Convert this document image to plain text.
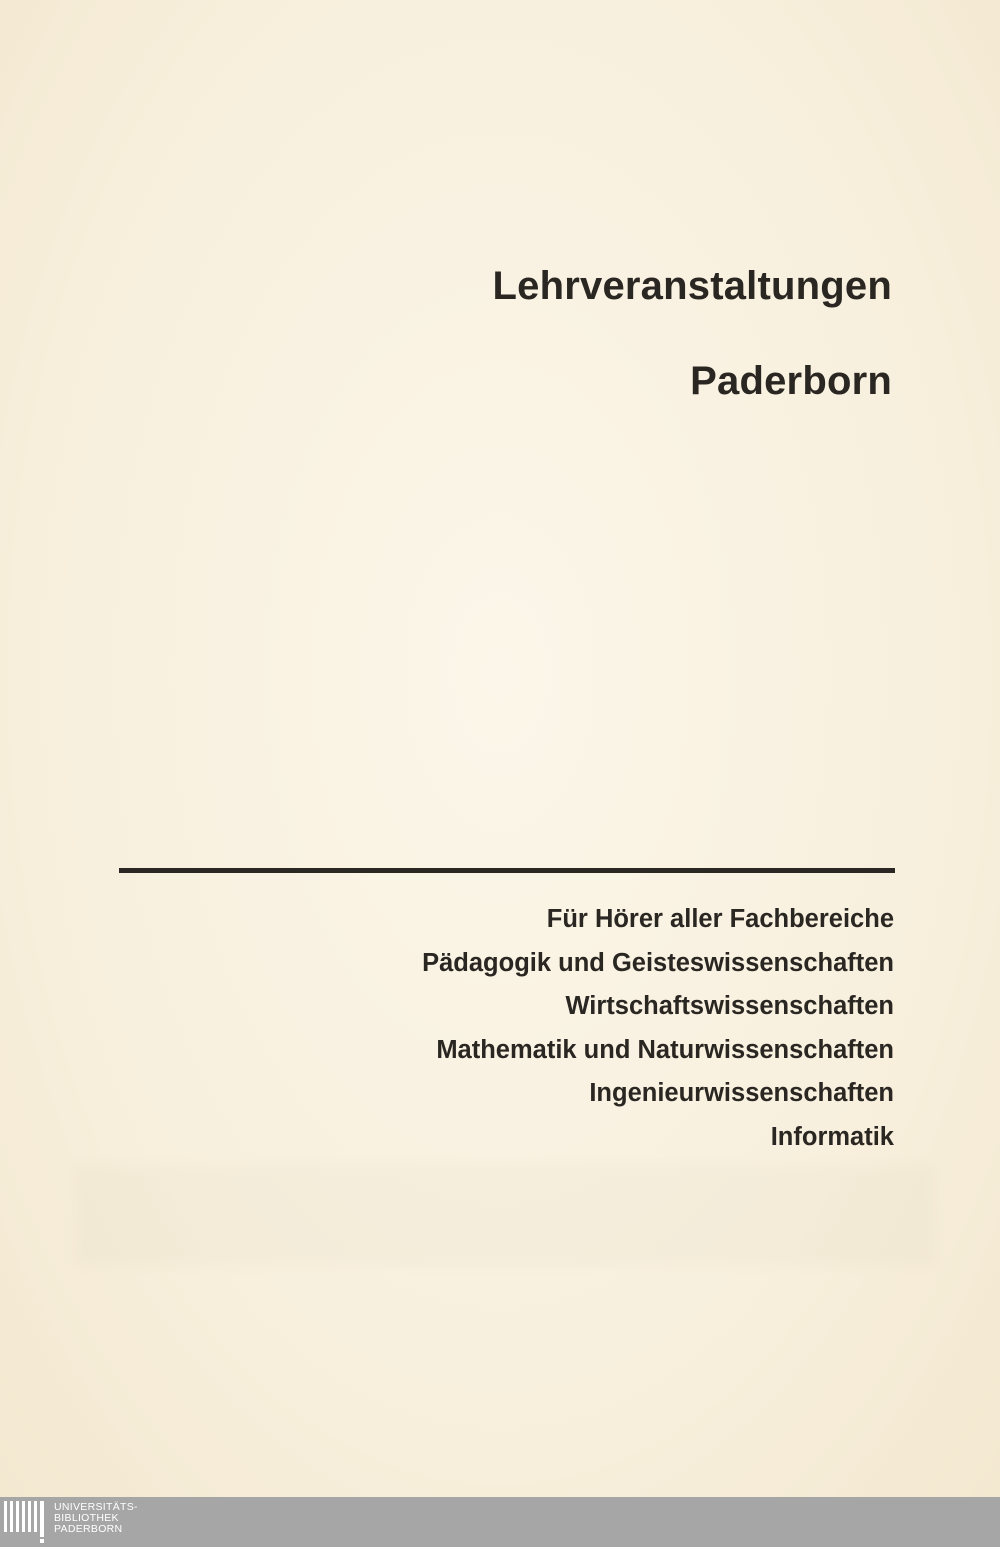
Lehrveranstaltungen
Paderborn
Für Hörer aller Fachbereiche
Pädagogik und Geisteswissenschaften
Wirtschaftswissenschaften
Mathematik und Naturwissenschaften
Ingenieurwissenschaften
Informatik
UNIVERSITÄTS-
BIBLIOTHEK
PADERBORN
